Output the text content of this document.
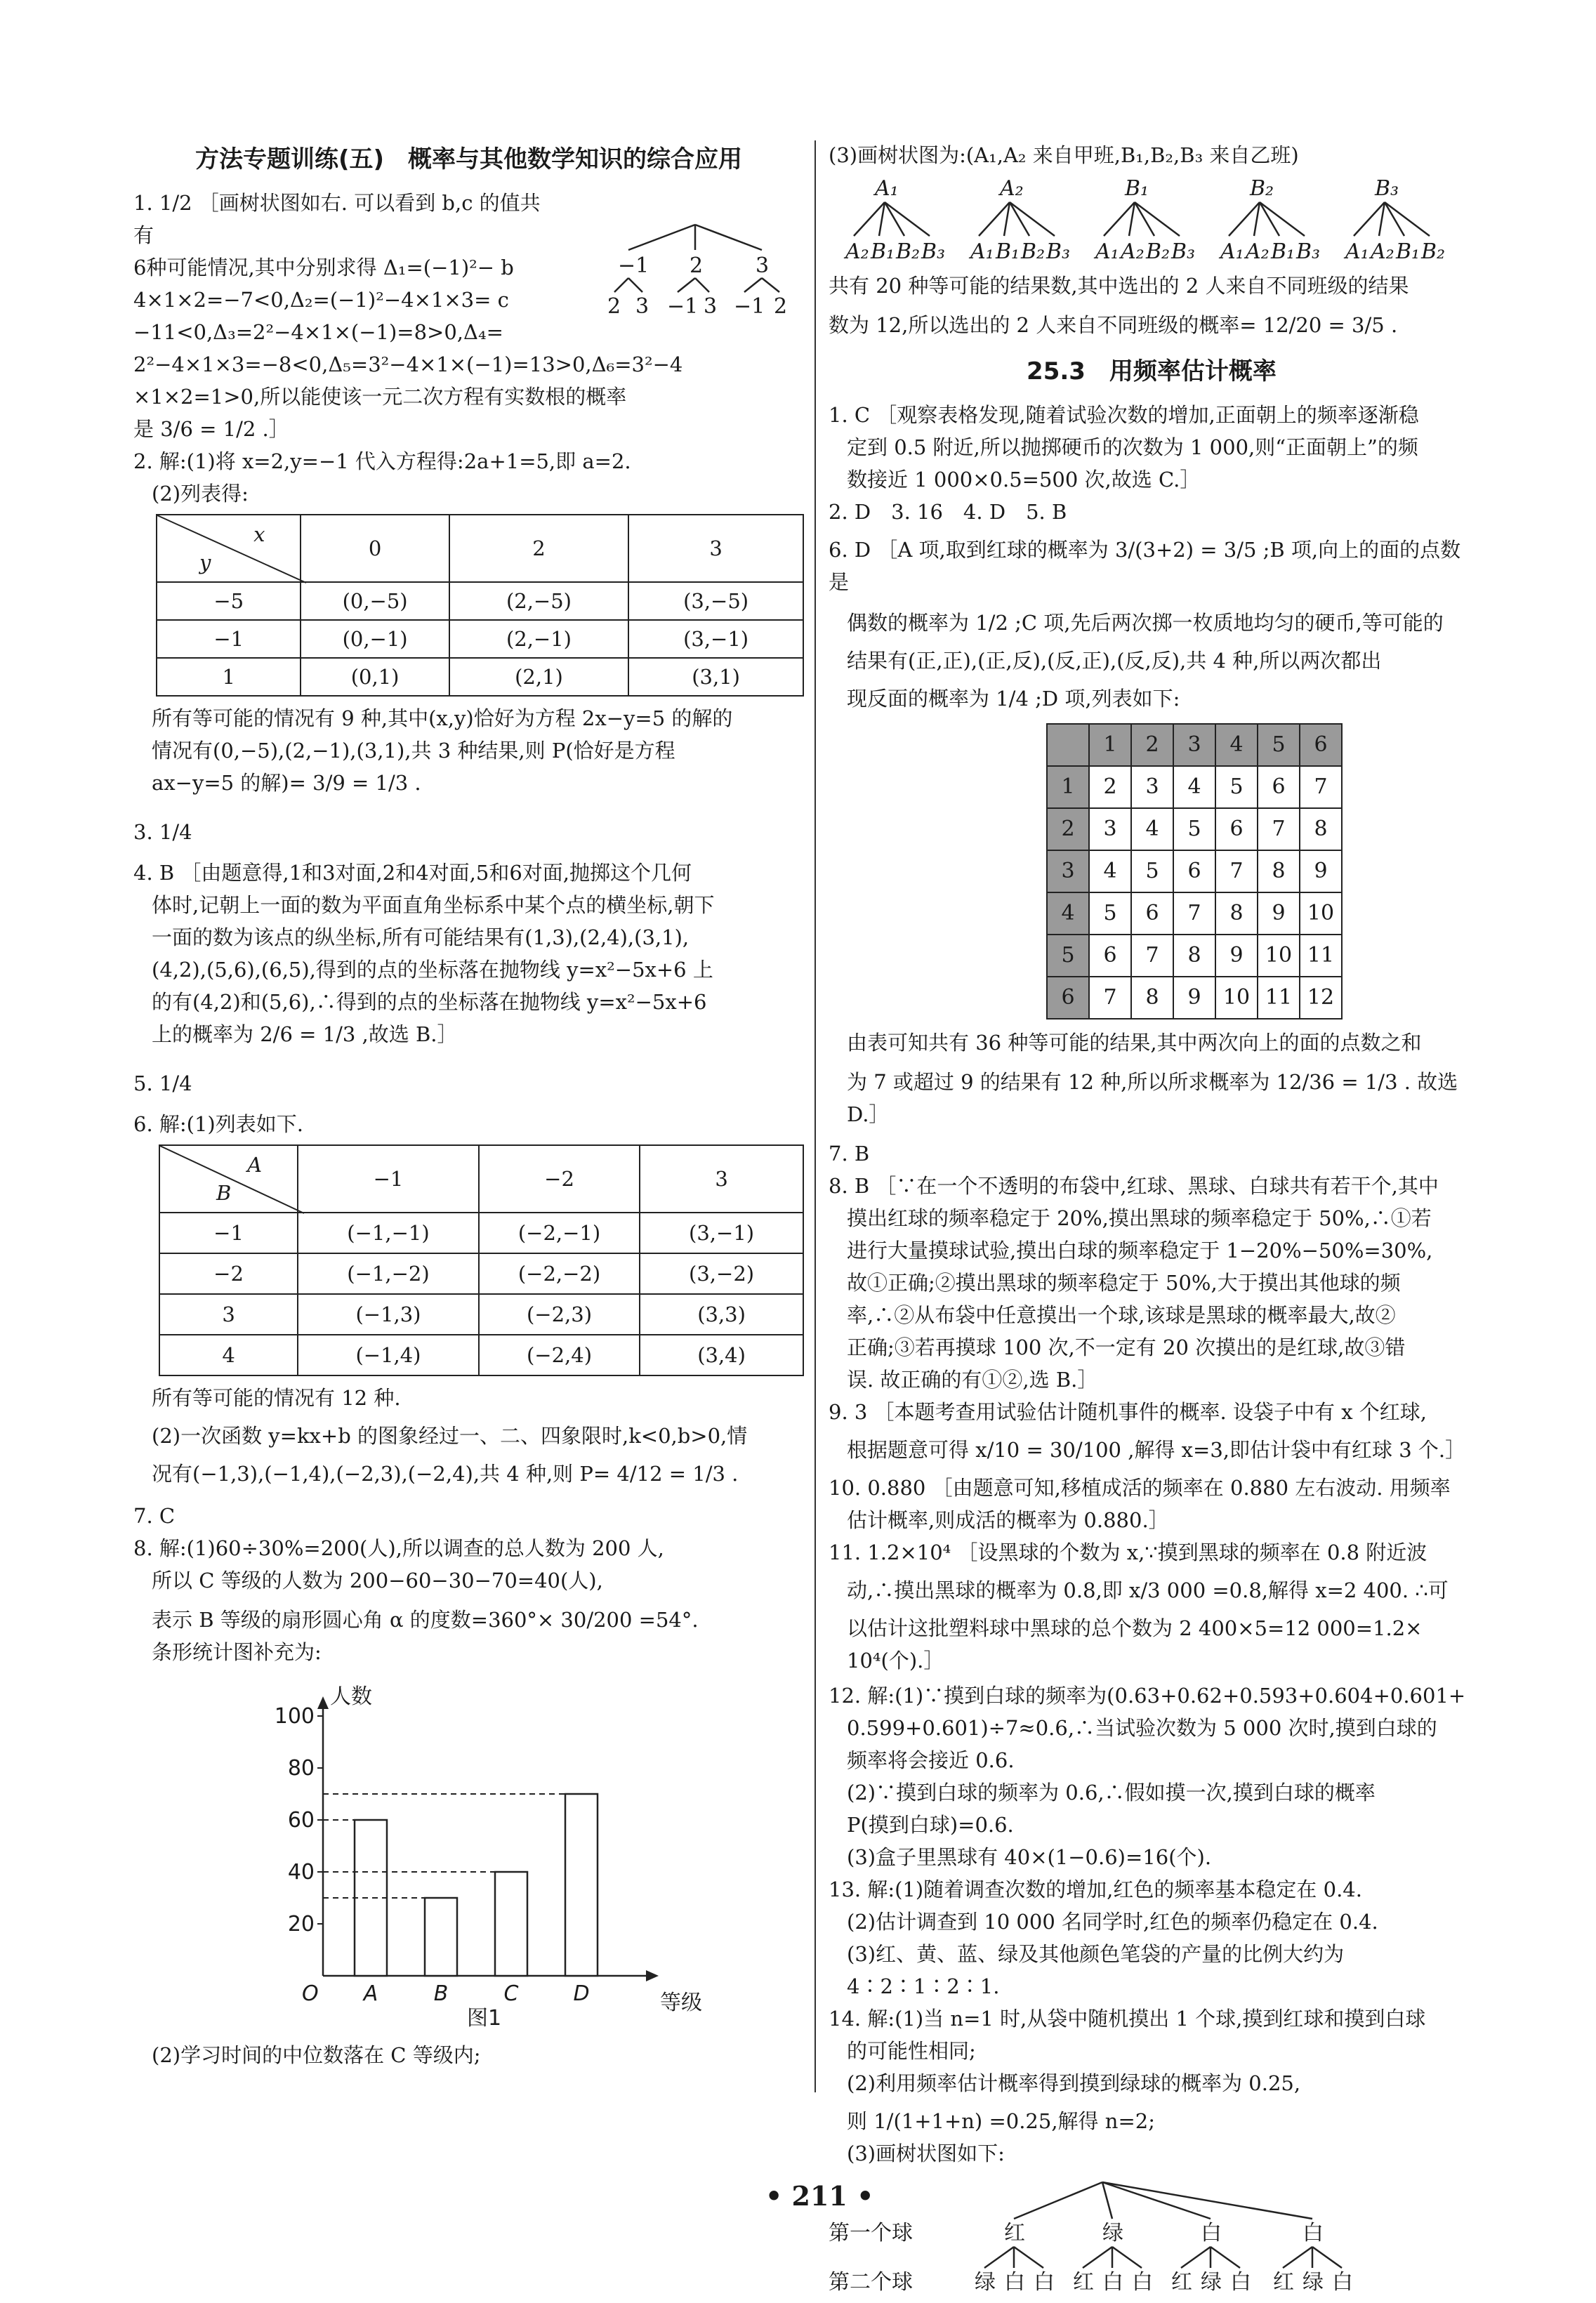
方法专题训练(五)　概率与其他数学知识的综合应用
1. 1/2 ［画树状图如右. 可以看到 b,c 的值共有
6种可能情况,其中分别求得 Δ₁=(−1)²− b
4×1×2=−7<0,Δ₂=(−1)²−4×1×3= c
−11<0,Δ₃=2²−4×1×(−1)=8>0,Δ₄=
2²−4×1×3=−8<0,Δ₅=3²−4×1×(−1)=13>0,Δ₆=3²−4
×1×2=1>0,所以能使该一元二次方程有实数根的概率
是 3/6 = 1/2 .］
−1 2 3
2 3 −1 3 −1 2
2. 解:(1)将 x=2,y=−1 代入方程得:2a+1=5,即 a=2.
(2)列表得:
x
y	0	2	3
−5	(0,−5)	(2,−5)	(3,−5)
−1	(0,−1)	(2,−1)	(3,−1)
1	(0,1)	(2,1)	(3,1)
所有等可能的情况有 9 种,其中(x,y)恰好为方程 2x−y=5 的解的
情况有(0,−5),(2,−1),(3,1),共 3 种结果,则 P(恰好是方程
ax−y=5 的解)= 3/9 = 1/3 .
3. 1/4
4. B ［由题意得,1和3对面,2和4对面,5和6对面,抛掷这个几何
体时,记朝上一面的数为平面直角坐标系中某个点的横坐标,朝下
一面的数为该点的纵坐标,所有可能结果有(1,3),(2,4),(3,1),
(4,2),(5,6),(6,5),得到的点的坐标落在抛物线 y=x²−5x+6 上
的有(4,2)和(5,6),∴得到的点的坐标落在抛物线 y=x²−5x+6
上的概率为 2/6 = 1/3 ,故选 B.］
5. 1/4
6. 解:(1)列表如下.
A
B	−1	−2	3
−1	(−1,−1)	(−2,−1)	(3,−1)
−2	(−1,−2)	(−2,−2)	(3,−2)
3	(−1,3)	(−2,3)	(3,3)
4	(−1,4)	(−2,4)	(3,4)
所有等可能的情况有 12 种.
(2)一次函数 y=kx+b 的图象经过一、二、四象限时,k<0,b>0,情
况有(−1,3),(−1,4),(−2,3),(−2,4),共 4 种,则 P= 4/12 = 1/3 .
7. C
8. 解:(1)60÷30%=200(人),所以调查的总人数为 200 人,
所以 C 等级的人数为 200−60−30−70=40(人),
表示 B 等级的扇形圆心角 α 的度数=360°× 30/200 =54°.
条形统计图补充为:
人数
等级
O
20
40
60
80
100
A	B	C	D
图1
(2)学习时间的中位数落在 C 等级内;
(3)画树状图为:(A₁,A₂ 来自甲班,B₁,B₂,B₃ 来自乙班)
A₁
A₂ B₁ B₂ B₃
A₂
A₁ B₁ B₂ B₃
B₁
A₁ A₂ B₂ B₃
B₂
A₁ A₂ B₁ B₃
B₃
A₁ A₂ B₁ B₂
共有 20 种等可能的结果数,其中选出的 2 人来自不同班级的结果
数为 12,所以选出的 2 人来自不同班级的概率= 12/20 = 3/5 .
25.3　用频率估计概率
1. C ［观察表格发现,随着试验次数的增加,正面朝上的频率逐渐稳
定到 0.5 附近,所以抛掷硬币的次数为 1 000,则“正面朝上”的频
数接近 1 000×0.5=500 次,故选 C.］
2. D　3. 16　4. D　5. B
6. D ［A 项,取到红球的概率为 3/(3+2) = 3/5 ;B 项,向上的面的点数是
偶数的概率为 1/2 ;C 项,先后两次掷一枚质地均匀的硬币,等可能的
结果有(正,正),(正,反),(反,正),(反,反),共 4 种,所以两次都出
现反面的概率为 1/4 ;D 项,列表如下:
	1	2	3	4	5	6
1	2	3	4	5	6	7
2	3	4	5	6	7	8
3	4	5	6	7	8	9
4	5	6	7	8	9	10
5	6	7	8	9	10	11
6	7	8	9	10	11	12
由表可知共有 36 种等可能的结果,其中两次向上的面的点数之和
为 7 或超过 9 的结果有 12 种,所以所求概率为 12/36 = 1/3 . 故选 D.］
7. B
8. B ［∵在一个不透明的布袋中,红球、黑球、白球共有若干个,其中
摸出红球的频率稳定于 20%,摸出黑球的频率稳定于 50%,∴①若
进行大量摸球试验,摸出白球的频率稳定于 1−20%−50%=30%,
故①正确;②摸出黑球的频率稳定于 50%,大于摸出其他球的频
率,∴②从布袋中任意摸出一个球,该球是黑球的概率最大,故②
正确;③若再摸球 100 次,不一定有 20 次摸出的是红球,故③错
误. 故正确的有①②,选 B.］
9. 3 ［本题考查用试验估计随机事件的概率. 设袋子中有 x 个红球,
根据题意可得 x/10 = 30/100 ,解得 x=3,即估计袋中有红球 3 个.］
10. 0.880 ［由题意可知,移植成活的频率在 0.880 左右波动. 用频率
估计概率,则成活的概率为 0.880.］
11. 1.2×10⁴ ［设黑球的个数为 x,∵摸到黑球的频率在 0.8 附近波
动,∴摸出黑球的概率为 0.8,即 x/3 000 =0.8,解得 x=2 400. ∴可
以估计这批塑料球中黑球的总个数为 2 400×5=12 000=1.2×
10⁴(个).］
12. 解:(1)∵摸到白球的频率为(0.63+0.62+0.593+0.604+0.601+
0.599+0.601)÷7≈0.6,∴当试验次数为 5 000 次时,摸到白球的
频率将会接近 0.6.
(2)∵摸到白球的频率为 0.6,∴假如摸一次,摸到白球的概率
P(摸到白球)=0.6.
(3)盒子里黑球有 40×(1−0.6)=16(个).
13. 解:(1)随着调查次数的增加,红色的频率基本稳定在 0.4.
(2)估计调查到 10 000 名同学时,红色的频率仍稳定在 0.4.
(3)红、黄、蓝、绿及其他颜色笔袋的产量的比例大约为 4∶2∶1∶2∶1.
14. 解:(1)当 n=1 时,从袋中随机摸出 1 个球,摸到红球和摸到白球
的可能性相同;
(2)利用频率估计概率得到摸到绿球的概率为 0.25,
则 1/(1+1+n) =0.25,解得 n=2;
(3)画树状图如下:
第一个球
第二个球
红
绿 白 白
绿
红 白 白
白
红 绿 白
白
红 绿 白
• 211 •
